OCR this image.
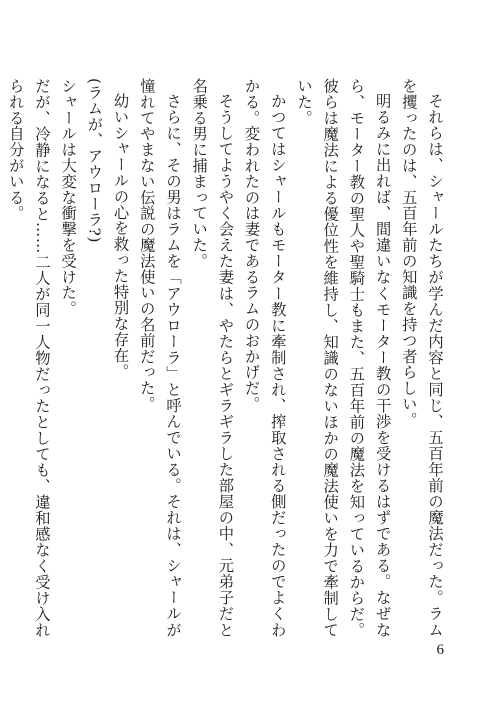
それらは、シャールたちが学んだ内容と同じ、五百年前の魔法だった。ラムを攫ったのは、五百年前の知識を持つ者らしい。
明るみに出れば、間違いなくモーター教の干渉を受けるはずである。なぜなら、モーター教の聖人や聖騎士もまた、五百年前の魔法を知っているからだ。彼らは魔法による優位性を維持し、知識のないほかの魔法使いを力で牽制していた。
かつてはシャールもモーター教に牽制され、搾取される側だったのでよくわかる。変われたのは妻であるラムのおかげだ。
そうしてようやく会えた妻は、やたらとギラギラした部屋の中、元弟子だと名乗る男に捕まっていた。
さらに、その男はラムを「アウローラ」と呼んでいる。それは、シャールが憧れてやまない伝説の魔法使いの名前だった。
幼いシャールの心を救った特別な存在。
(ラムが、アウローラ?)
シャールは大変な衝撃を受けた。
だが、冷静になると……二人が同一人物だったとしても、違和感なく受け入れられる自分がいる。
6
